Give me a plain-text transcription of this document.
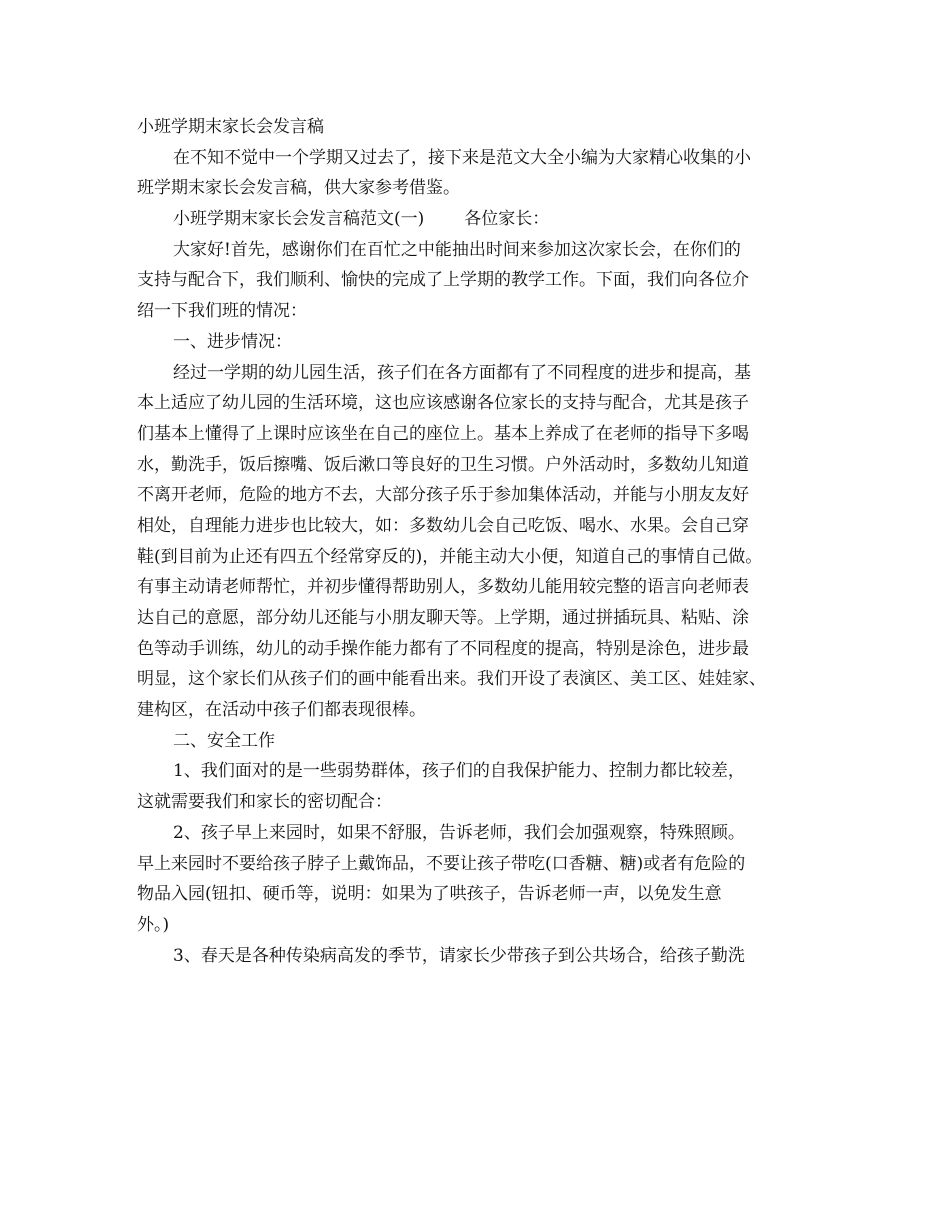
小班学期末家长会发言稿
在不知不觉中一个学期又过去了，接下来是范文大全小编为大家精心收集的小
班学期末家长会发言稿，供大家参考借鉴。
小班学期末家长会发言稿范文(一) 各位家长：
大家好!首先，感谢你们在百忙之中能抽出时间来参加这次家长会，在你们的
支持与配合下，我们顺利、愉快的完成了上学期的教学工作。下面，我们向各位介
绍一下我们班的情况：
一、进步情况：
经过一学期的幼儿园生活，孩子们在各方面都有了不同程度的进步和提高，基
本上适应了幼儿园的生活环境，这也应该感谢各位家长的支持与配合，尤其是孩子
们基本上懂得了上课时应该坐在自己的座位上。基本上养成了在老师的指导下多喝
水，勤洗手，饭后擦嘴、饭后漱口等良好的卫生习惯。户外活动时，多数幼儿知道
不离开老师，危险的地方不去，大部分孩子乐于参加集体活动，并能与小朋友友好
相处，自理能力进步也比较大，如：多数幼儿会自己吃饭、喝水、水果。会自己穿
鞋(到目前为止还有四五个经常穿反的)，并能主动大小便，知道自己的事情自己做。
有事主动请老师帮忙，并初步懂得帮助别人，多数幼儿能用较完整的语言向老师表
达自己的意愿，部分幼儿还能与小朋友聊天等。上学期，通过拼插玩具、粘贴、涂
色等动手训练，幼儿的动手操作能力都有了不同程度的提高，特别是涂色，进步最
明显，这个家长们从孩子们的画中能看出来。我们开设了表演区、美工区、娃娃家、
建构区，在活动中孩子们都表现很棒。
二、安全工作
1、我们面对的是一些弱势群体，孩子们的自我保护能力、控制力都比较差，
这就需要我们和家长的密切配合：
2、孩子早上来园时，如果不舒服，告诉老师，我们会加强观察，特殊照顾。
早上来园时不要给孩子脖子上戴饰品，不要让孩子带吃(口香糖、糖)或者有危险的
物品入园(钮扣、硬币等，说明：如果为了哄孩子，告诉老师一声，以免发生意
外。)
3、春天是各种传染病高发的季节，请家长少带孩子到公共场合，给孩子勤洗
